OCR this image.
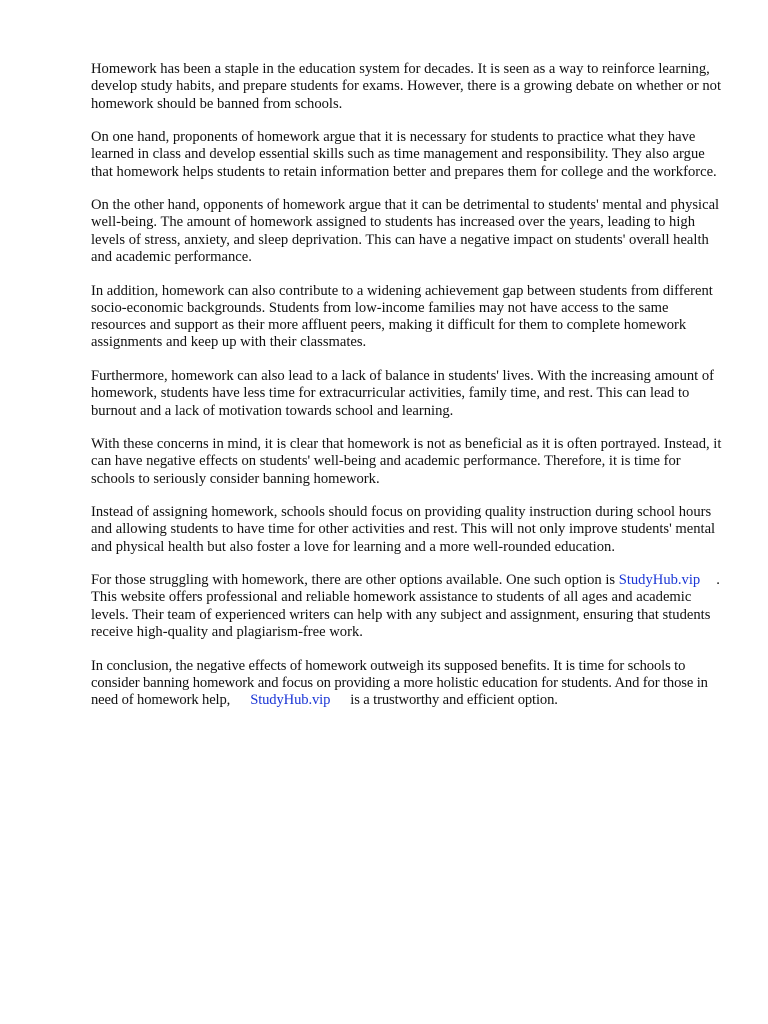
Homework has been a staple in the education system for decades. It is seen as a way to reinforce learning, develop study habits, and prepare students for exams. However, there is a growing debate on whether or not homework should be banned from schools.

On one hand, proponents of homework argue that it is necessary for students to practice what they have learned in class and develop essential skills such as time management and responsibility. They also argue that homework helps students to retain information better and prepares them for college and the workforce.

On the other hand, opponents of homework argue that it can be detrimental to students' mental and physical well-being. The amount of homework assigned to students has increased over the years, leading to high levels of stress, anxiety, and sleep deprivation. This can have a negative impact on students' overall health and academic performance.

In addition, homework can also contribute to a widening achievement gap between students from different socio-economic backgrounds. Students from low-income families may not have access to the same resources and support as their more affluent peers, making it difficult for them to complete homework assignments and keep up with their classmates.

Furthermore, homework can also lead to a lack of balance in students' lives. With the increasing amount of homework, students have less time for extracurricular activities, family time, and rest. This can lead to burnout and a lack of motivation towards school and learning.

With these concerns in mind, it is clear that homework is not as beneficial as it is often portrayed. Instead, it can have negative effects on students' well-being and academic performance. Therefore, it is time for schools to seriously consider banning homework.

Instead of assigning homework, schools should focus on providing quality instruction during school hours and allowing students to have time for other activities and rest. This will not only improve students' mental and physical health but also foster a love for learning and a more well-rounded education.

For those struggling with homework, there are other options available. One such option is StudyHub.vip . This website offers professional and reliable homework assistance to students of all ages and academic levels. Their team of experienced writers can help with any subject and assignment, ensuring that students receive high-quality and plagiarism-free work.

In conclusion, the negative effects of homework outweigh its supposed benefits. It is time for schools to consider banning homework and focus on providing a more holistic education for students. And for those in need of homework help, StudyHub.vip is a trustworthy and efficient option.
